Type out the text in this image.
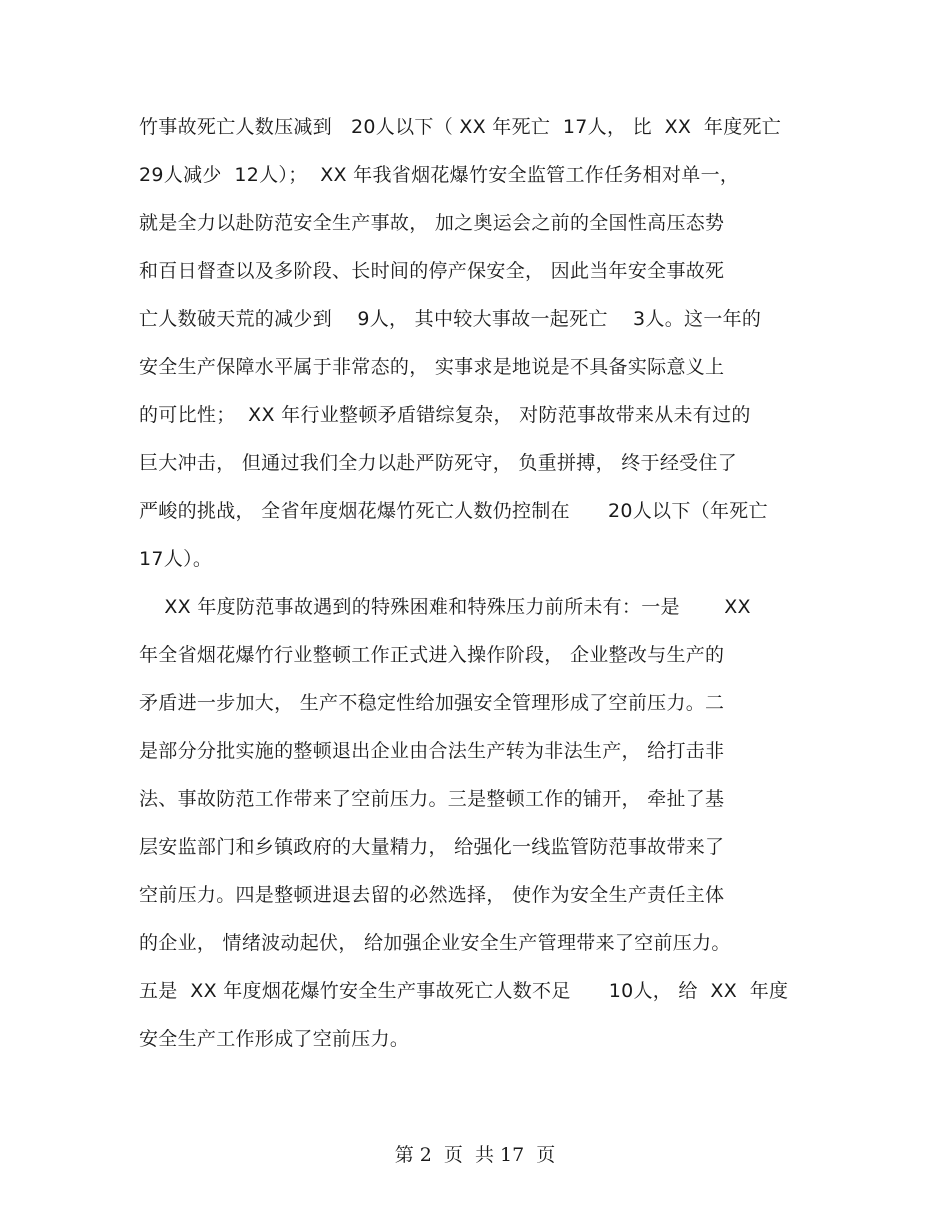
竹事故死亡人数压减到   20人以下（ XX 年死亡  17人， 比  XX  年度死亡
29人减少  12人）；  XX 年我省烟花爆竹安全监管工作任务相对单一，
就是全力以赴防范安全生产事故， 加之奥运会之前的全国性高压态势
和百日督查以及多阶段、长时间的停产保安全， 因此当年安全事故死
亡人数破天荒的减少到    9人， 其中较大事故一起死亡    3人。这一年的
安全生产保障水平属于非常态的， 实事求是地说是不具备实际意义上
的可比性；  XX 年行业整顿矛盾错综复杂， 对防范事故带来从未有过的
巨大冲击， 但通过我们全力以赴严防死守， 负重拼搏， 终于经受住了
严峻的挑战， 全省年度烟花爆竹死亡人数仍控制在      20人以下（年死亡
17人）。
XX 年度防范事故遇到的特殊困难和特殊压力前所未有：一是       XX
年全省烟花爆竹行业整顿工作正式进入操作阶段， 企业整改与生产的
矛盾进一步加大， 生产不稳定性给加强安全管理形成了空前压力。二
是部分分批实施的整顿退出企业由合法生产转为非法生产， 给打击非
法、事故防范工作带来了空前压力。三是整顿工作的铺开， 牵扯了基
层安监部门和乡镇政府的大量精力， 给强化一线监管防范事故带来了
空前压力。四是整顿进退去留的必然选择， 使作为安全生产责任主体
的企业， 情绪波动起伏， 给加强企业安全生产管理带来了空前压力。
五是  XX 年度烟花爆竹安全生产事故死亡人数不足      10人， 给  XX  年度
安全生产工作形成了空前压力。
第 2  页  共 17  页
